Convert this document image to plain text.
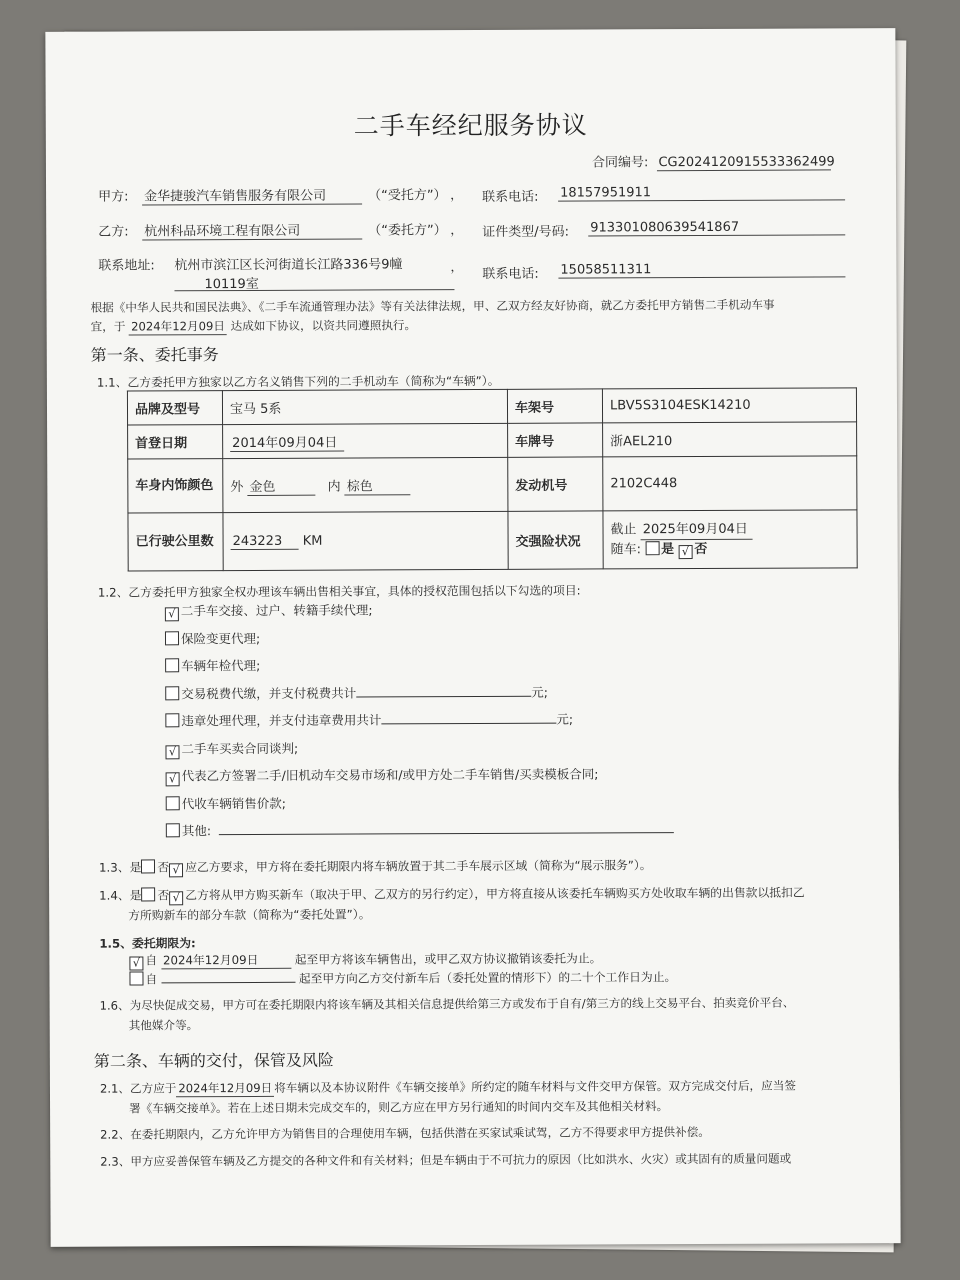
二手车经纪服务协议
合同编号: CG2024120915533362499
甲方: 金华捷骏汽车销售服务有限公司	（“受托方”） ， 联系电话: 18157951911
乙方: 杭州科品环境工程有限公司	（“委托方”） ， 证件类型/号码: 913301080639541867
联系地址: 杭州市滨江区长河街道长江路336号9幢
10119室
， 联系电话: 15058511311
根据《中华人民共和国民法典》、《二手车流通管理办法》等有关法律法规，甲、乙双方经友好协商，就乙方委托甲方销售二手机动车事
宜，于 2024年12月09日 达成如下协议，以资共同遵照执行。
第一条、委托事务
1.1、乙方委托甲方独家以乙方名义销售下列的二手机动车（简称为“车辆”）。
品牌及型号	宝马 5系	车架号	LBV5S3104ESK14210
首登日期	2014年09月04日	车牌号	浙AEL210
车身内饰颜色	外 金色 内 棕色	发动机号	2102C448
已行驶公里数	243223 KM	交强险状况	截止 2025年09月04日
随车: 是 √ 否
1.2、乙方委托甲方独家全权办理该车辆出售相关事宜，具体的授权范围包括以下勾选的项目:
√ 二手车交接、过户、转籍手续代理;
保险变更代理;
车辆年检代理;
交易税费代缴，并支付税费共计	元;
违章处理代理，并支付违章费用共计	元;
√ 二手车买卖合同谈判;
√ 代表乙方签署二手/旧机动车交易市场和/或甲方处二手车销售/买卖模板合同;
代收车辆销售价款;
其他:
1.3、是 否 √ 应乙方要求，甲方将在委托期限内将车辆放置于其二手车展示区域（简称为“展示服务”）。
1.4、是 否 √ 乙方将从甲方购买新车（取决于甲、乙双方的另行约定），甲方将直接从该委托车辆购买方处收取车辆的出售款以抵扣乙
方所购新车的部分车款（简称为“委托处置”）。
1.5、委托期限为:
√ 自 2024年12月09日	起至甲方将该车辆售出，或甲乙双方协议撤销该委托为止。
自	起至甲方向乙方交付新车后（委托处置的情形下）的二十个工作日为止。
1.6、为尽快促成交易，甲方可在委托期限内将该车辆及其相关信息提供给第三方或发布于自有/第三方的线上交易平台、拍卖竞价平台、
其他媒介等。
第二条、车辆的交付，保管及风险
2.1、乙方应于 2024年12月09日 将车辆以及本协议附件《车辆交接单》所约定的随车材料与文件交甲方保管。双方完成交付后，应当签
署《车辆交接单》。若在上述日期未完成交车的，则乙方应在甲方另行通知的时间内交车及其他相关材料。
2.2、在委托期限内，乙方允许甲方为销售目的合理使用车辆，包括供潜在买家试乘试驾，乙方不得要求甲方提供补偿。
2.3、甲方应妥善保管车辆及乙方提交的各种文件和有关材料；但是车辆由于不可抗力的原因（比如洪水、火灾）或其固有的质量问题或
